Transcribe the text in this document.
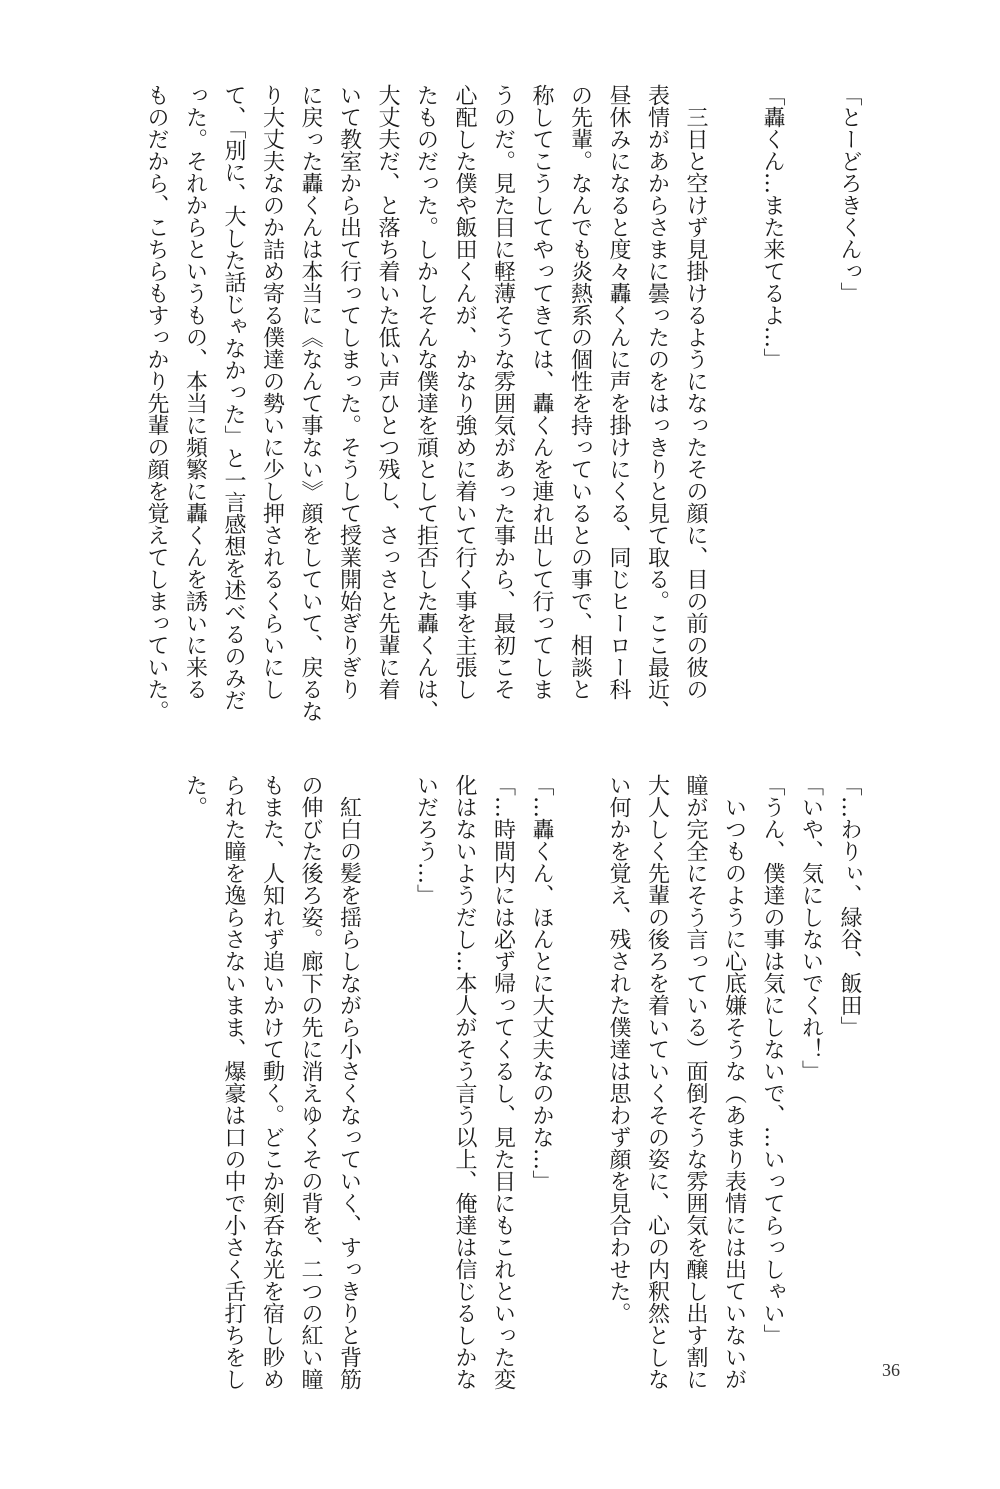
「とーどろきくんっ」
「轟くん…また来てるよ…」
　三日と空けず見掛けるようになったその顔に、目の前の彼の
表情があからさまに曇ったのをはっきりと見て取る。ここ最近、
昼休みになると度々轟くんに声を掛けにくる、同じヒーロー科
の先輩。なんでも炎熱系の個性を持っているとの事で、相談と
称してこうしてやってきては、轟くんを連れ出して行ってしま
うのだ。見た目に軽薄そうな雰囲気があった事から、最初こそ
心配した僕や飯田くんが、かなり強めに着いて行く事を主張し
たものだった。しかしそんな僕達を頑として拒否した轟くんは、
大丈夫だ、と落ち着いた低い声ひとつ残し、さっさと先輩に着
いて教室から出て行ってしまった。そうして授業開始ぎりぎり
に戻った轟くんは本当に《なんて事ない》顔をしていて、戻るな
り大丈夫なのか詰め寄る僕達の勢いに少し押されるくらいにし
て、「別に、大した話じゃなかった」と一言感想を述べるのみだ
った。それからというもの、本当に頻繁に轟くんを誘いに来る
ものだから、こちらもすっかり先輩の顔を覚えてしまっていた。
「…わりぃ、緑谷、飯田」
「いや、気にしないでくれ！」
「うん、僕達の事は気にしないで、…いってらっしゃい」
　いつものように心底嫌そうな（あまり表情には出ていないが
瞳が完全にそう言っている）面倒そうな雰囲気を醸し出す割に
大人しく先輩の後ろを着いていくその姿に、心の内釈然としな
い何かを覚え、残された僕達は思わず顔を見合わせた。
「…轟くん、ほんとに大丈夫なのかな…」
「…時間内には必ず帰ってくるし、見た目にもこれといった変
化はないようだし…本人がそう言う以上、俺達は信じるしかな
いだろう…」
　紅白の髪を揺らしながら小さくなっていく、すっきりと背筋
の伸びた後ろ姿。廊下の先に消えゆくその背を、二つの紅い瞳
もまた、人知れず追いかけて動く。どこか剣呑な光を宿し眇め
られた瞳を逸らさないまま、爆豪は口の中で小さく舌打ちをし
た。
36
